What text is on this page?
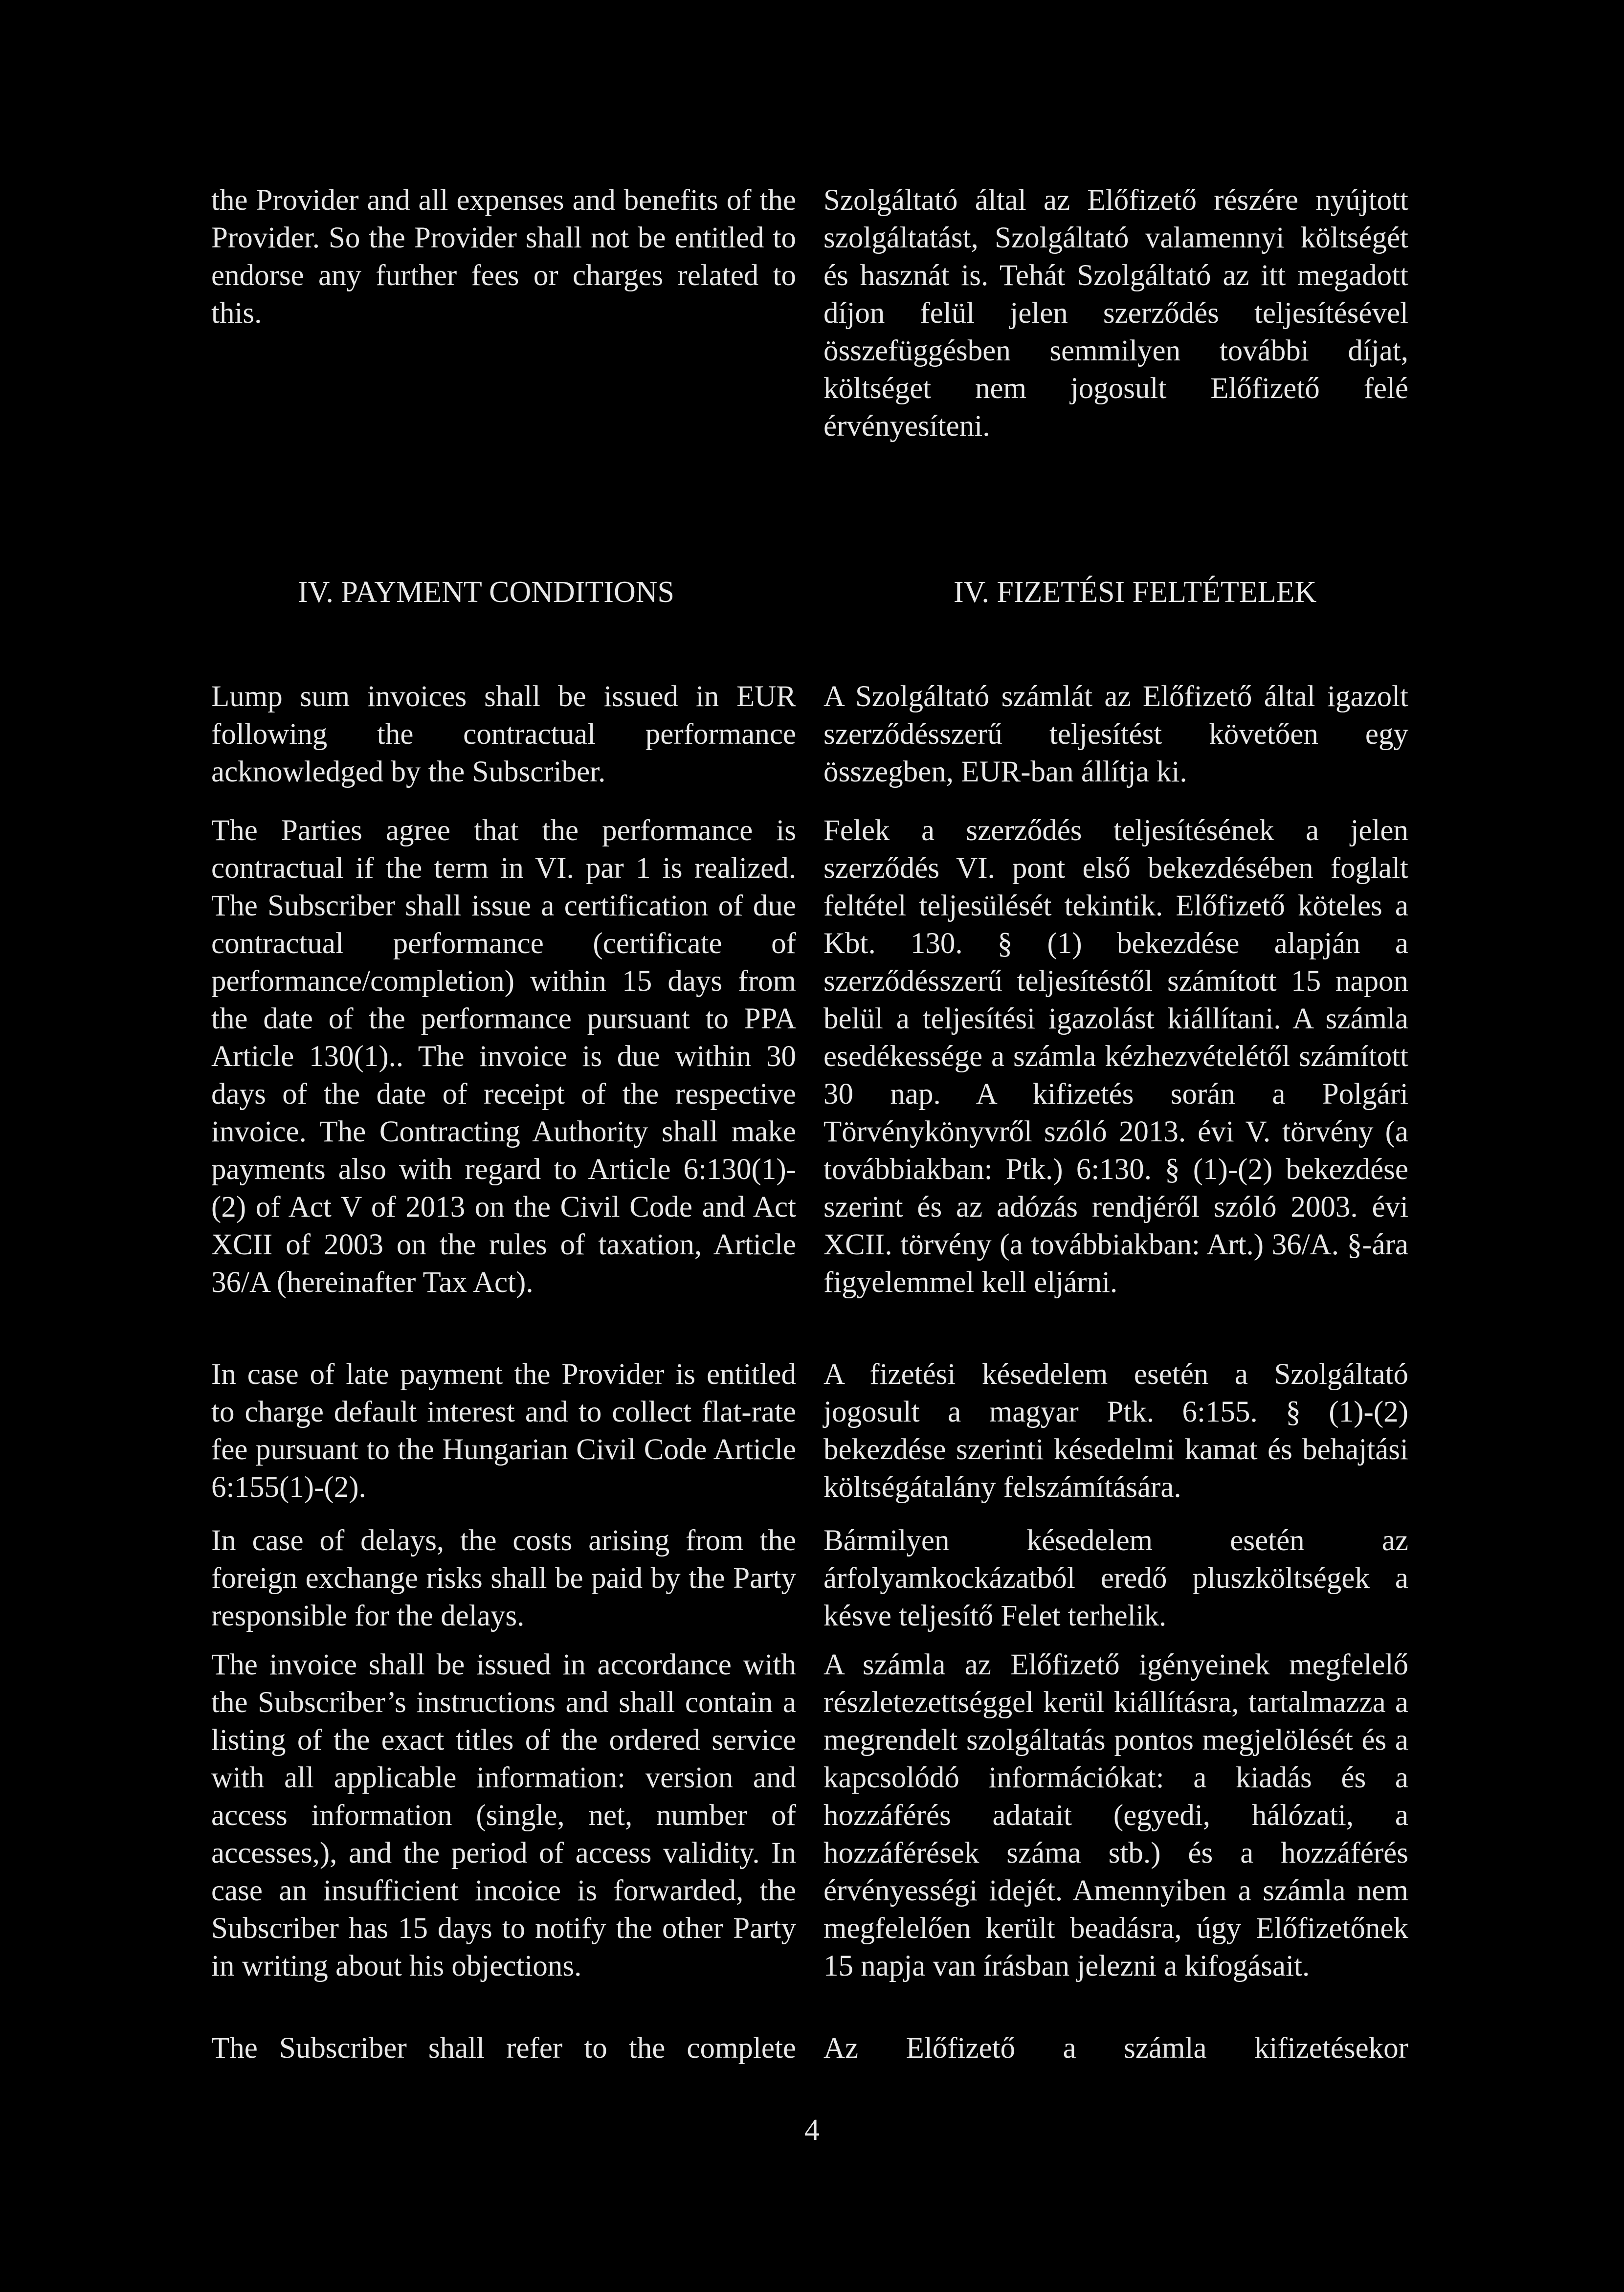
the Provider and all expenses and benefits of the Provider. So the Provider shall not be entitled to endorse any further fees or charges related to this.

Szolgáltató által az Előfizető részére nyújtott szolgáltatást, Szolgáltató valamennyi költségét és hasznát is. Tehát Szolgáltató az itt megadott díjon felül jelen szerződés teljesítésével összefüggésben semmilyen további díjat, költséget nem jogosult Előfizető felé érvényesíteni.

IV. PAYMENT CONDITIONS	IV. FIZETÉSI FELTÉTELEK

Lump sum invoices shall be issued in EUR following the contractual performance acknowledged by the Subscriber.

The Parties agree that the performance is contractual if the term in VI. par 1 is realized. The Subscriber shall issue a certification of due contractual performance (certificate of performance/completion) within 15 days from the date of the performance pursuant to PPA Article 130(1).. The invoice is due within 30 days of the date of receipt of the respective invoice. The Contracting Authority shall make payments also with regard to Article 6:130(1)-(2) of Act V of 2013 on the Civil Code and Act XCII of 2003 on the rules of taxation, Article 36/A (hereinafter Tax Act).

In case of late payment the Provider is entitled to charge default interest and to collect flat-rate fee pursuant to the Hungarian Civil Code Article 6:155(1)-(2).

In case of delays, the costs arising from the foreign exchange risks shall be paid by the Party responsible for the delays.

The invoice shall be issued in accordance with the Subscriber’s instructions and shall contain a listing of the exact titles of the ordered service with all applicable information: version and access information (single, net, number of accesses,), and the period of access validity. In case an insufficient incoice is forwarded, the Subscriber has 15 days to notify the other Party in writing about his objections.

The Subscriber shall refer to the complete

A Szolgáltató számlát az Előfizető által igazolt szerződésszerű teljesítést követően egy összegben, EUR-ban állítja ki.

Felek a szerződés teljesítésének a jelen szerződés VI. pont első bekezdésében foglalt feltétel teljesülését tekintik. Előfizető köteles a Kbt. 130. § (1) bekezdése alapján a szerződésszerű teljesítéstől számított 15 napon belül a teljesítési igazolást kiállítani. A számla esedékessége a számla kézhezvételétől számított 30 nap. A kifizetés során a Polgári Törvénykönyvről szóló 2013. évi V. törvény (a továbbiakban: Ptk.) 6:130. § (1)-(2) bekezdése szerint és az adózás rendjéről szóló 2003. évi XCII. törvény (a továbbiakban: Art.) 36/A. §-ára figyelemmel kell eljárni.

A fizetési késedelem esetén a Szolgáltató jogosult a magyar Ptk. 6:155. § (1)-(2) bekezdése szerinti késedelmi kamat és behajtási költségátalány felszámítására.

Bármilyen késedelem esetén az árfolyamkockázatból eredő pluszköltségek a késve teljesítő Felet terhelik.

A számla az Előfizető igényeinek megfelelő részletezettséggel kerül kiállításra, tartalmazza a megrendelt szolgáltatás pontos megjelölését és a kapcsolódó információkat: a kiadás és a hozzáférés adatait (egyedi, hálózati, a hozzáférések száma stb.) és a hozzáférés érvényességi idejét. Amennyiben a számla nem megfelelően került beadásra, úgy Előfizetőnek 15 napja van írásban jelezni a kifogásait.

Az Előfizető a számla kifizetésekor

4
